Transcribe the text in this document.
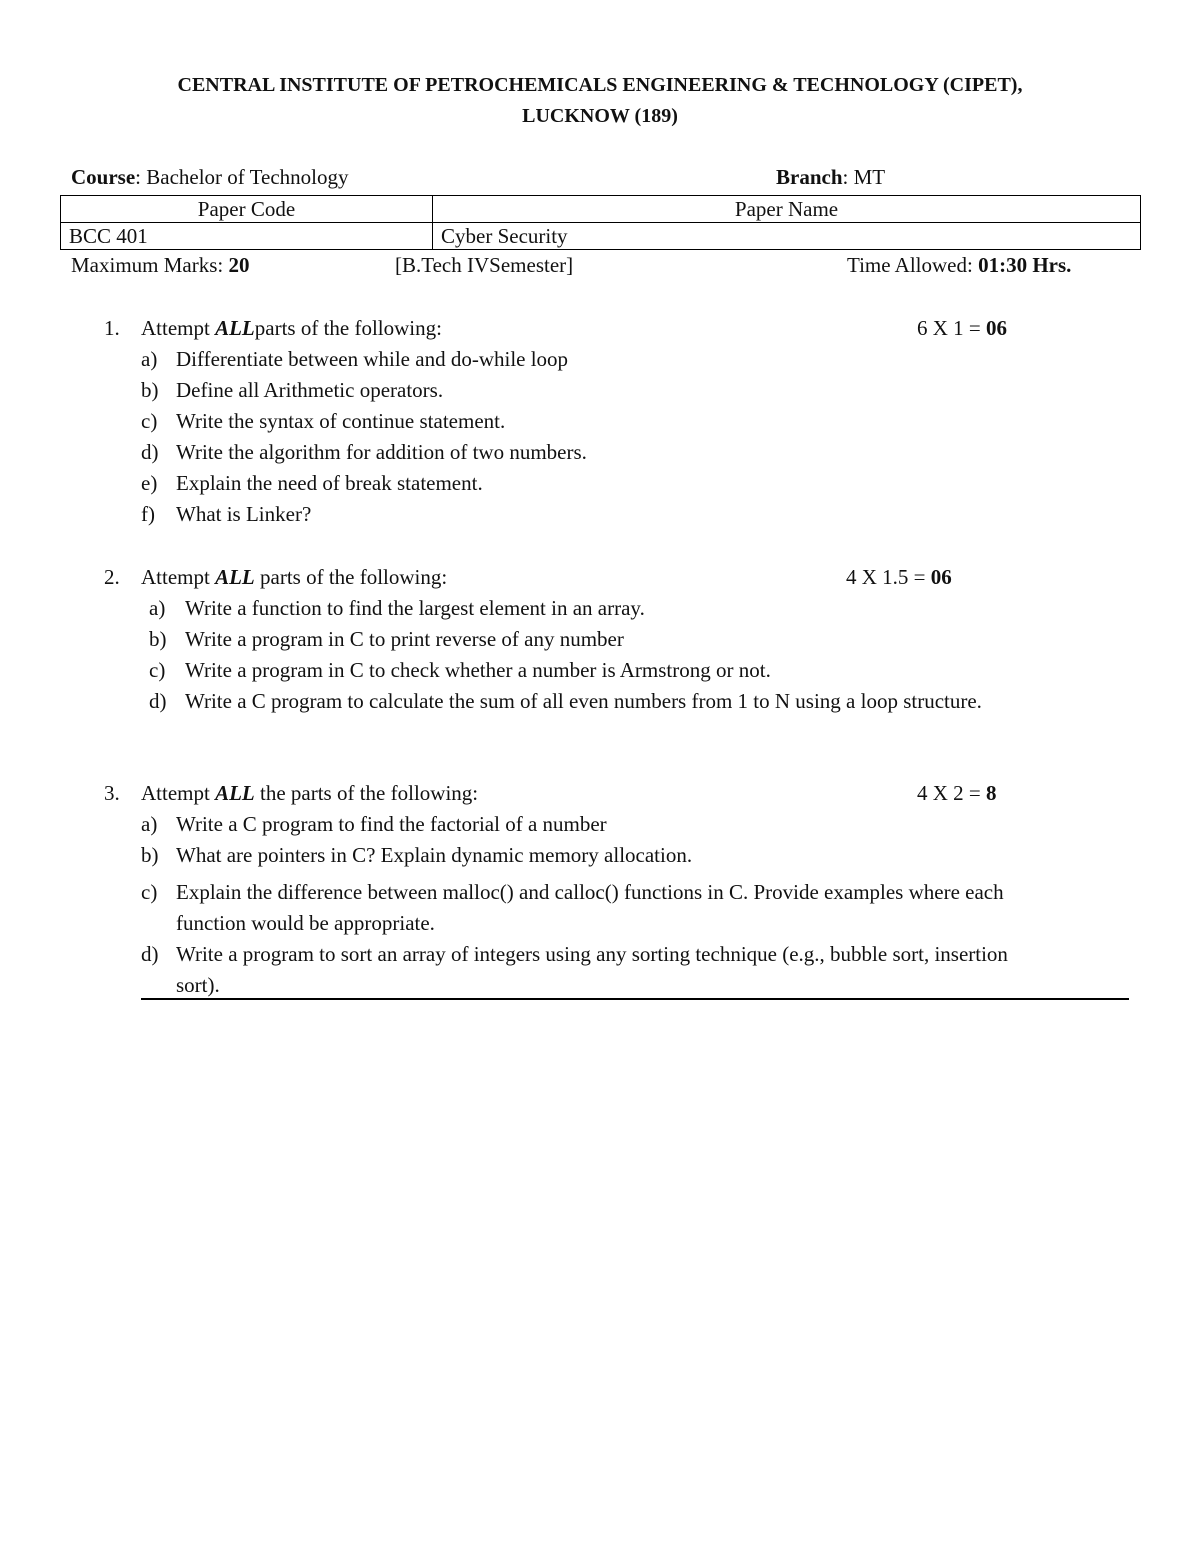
CENTRAL INSTITUTE OF PETROCHEMICALS ENGINEERING & TECHNOLOGY (CIPET),
LUCKNOW (189)
Course: Bachelor of Technology	Branch: MT
Paper Code	Paper Name
BCC 401	Cyber Security
Maximum Marks: 20	[B.Tech IVSemester]	Time Allowed: 01:30 Hrs.
1. Attempt ALLparts of the following:	6 X 1 = 06
a) Differentiate between while and do-while loop
b) Define all Arithmetic operators.
c) Write the syntax of continue statement.
d) Write the algorithm for addition of two numbers.
e) Explain the need of break statement.
f) What is Linker?
2. Attempt ALL parts of the following:	4 X 1.5 = 06
a) Write a function to find the largest element in an array.
b) Write a program in C to print reverse of any number
c) Write a program in C to check whether a number is Armstrong or not.
d) Write a C program to calculate the sum of all even numbers from 1 to N using a loop structure.
3. Attempt ALL the parts of the following:	4 X 2 = 8
a) Write a C program to find the factorial of a number
b) What are pointers in C? Explain dynamic memory allocation.
c) Explain the difference between malloc() and calloc() functions in C. Provide examples where each
function would be appropriate.
d) Write a program to sort an array of integers using any sorting technique (e.g., bubble sort, insertion
sort).
